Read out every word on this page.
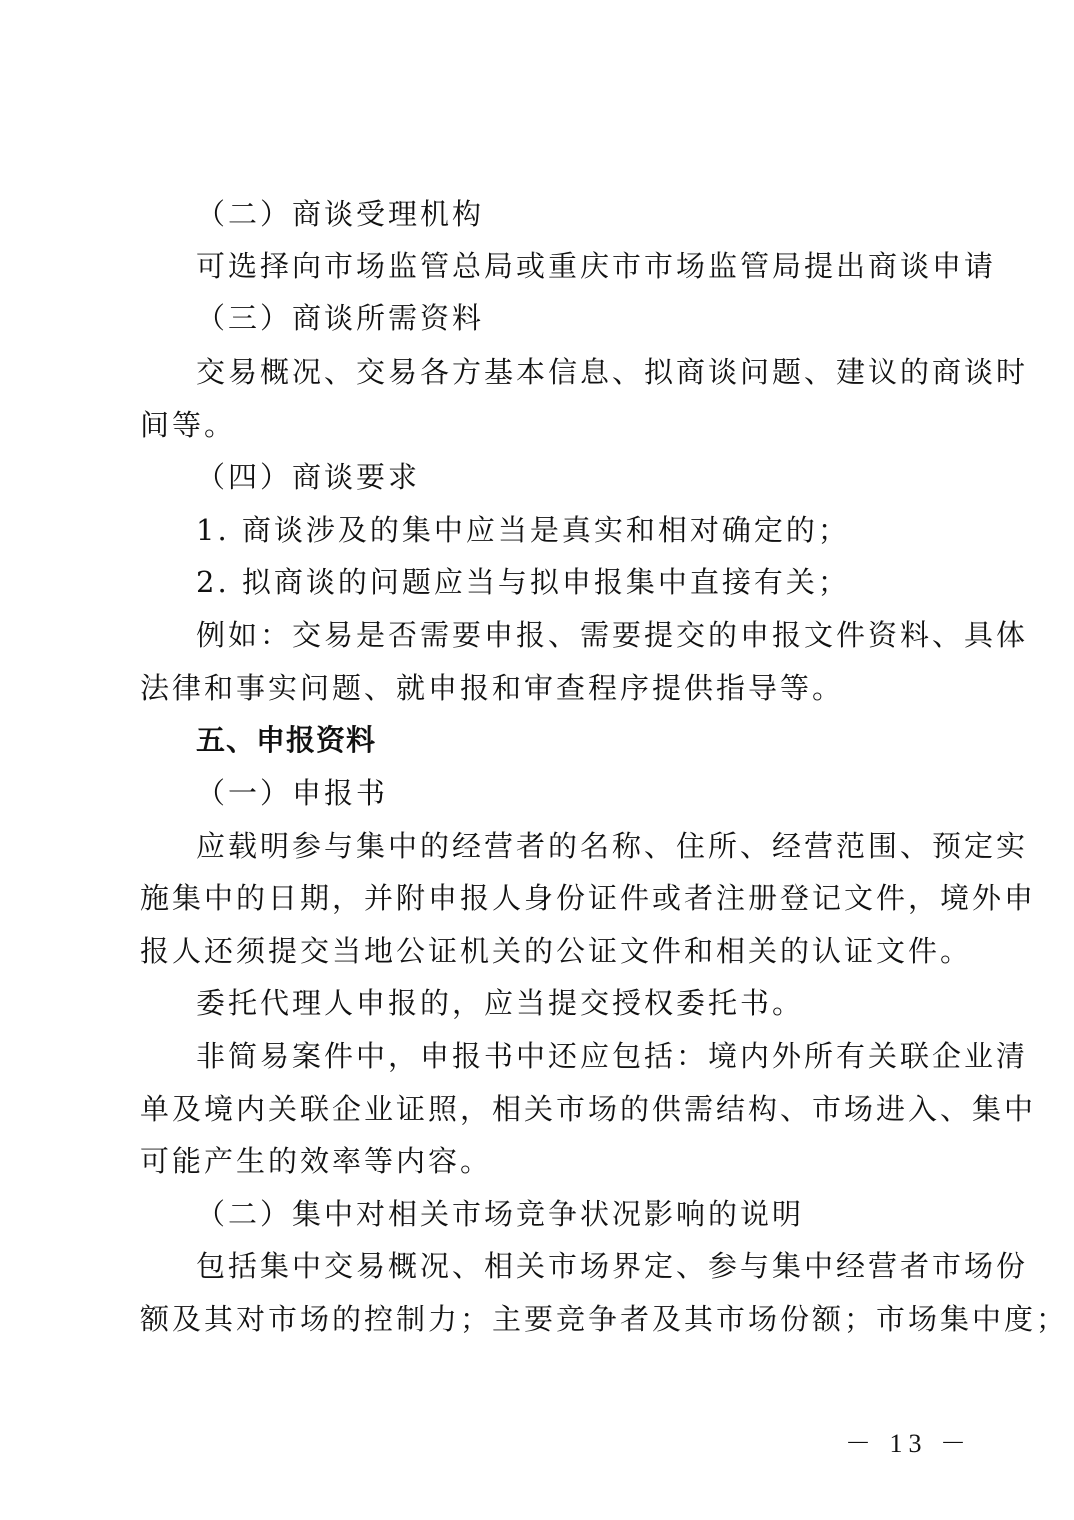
（二）商谈受理机构

可选择向市场监管总局或重庆市市场监管局提出商谈申请

（三）商谈所需资料

交易概况、交易各方基本信息、拟商谈问题、建议的商谈时

间等。

（四）商谈要求

1. 商谈涉及的集中应当是真实和相对确定的；

2. 拟商谈的问题应当与拟申报集中直接有关；

例如：交易是否需要申报、需要提交的申报文件资料、具体

法律和事实问题、就申报和审查程序提供指导等。

五、申报资料

（一）申报书

应载明参与集中的经营者的名称、住所、经营范围、预定实

施集中的日期，并附申报人身份证件或者注册登记文件，境外申

报人还须提交当地公证机关的公证文件和相关的认证文件。

委托代理人申报的，应当提交授权委托书。

非简易案件中，申报书中还应包括：境内外所有关联企业清

单及境内关联企业证照，相关市场的供需结构、市场进入、集中

可能产生的效率等内容。

（二）集中对相关市场竞争状况影响的说明

包括集中交易概况、相关市场界定、参与集中经营者市场份

额及其对市场的控制力；主要竞争者及其市场份额；市场集中度；

－ 13 －
